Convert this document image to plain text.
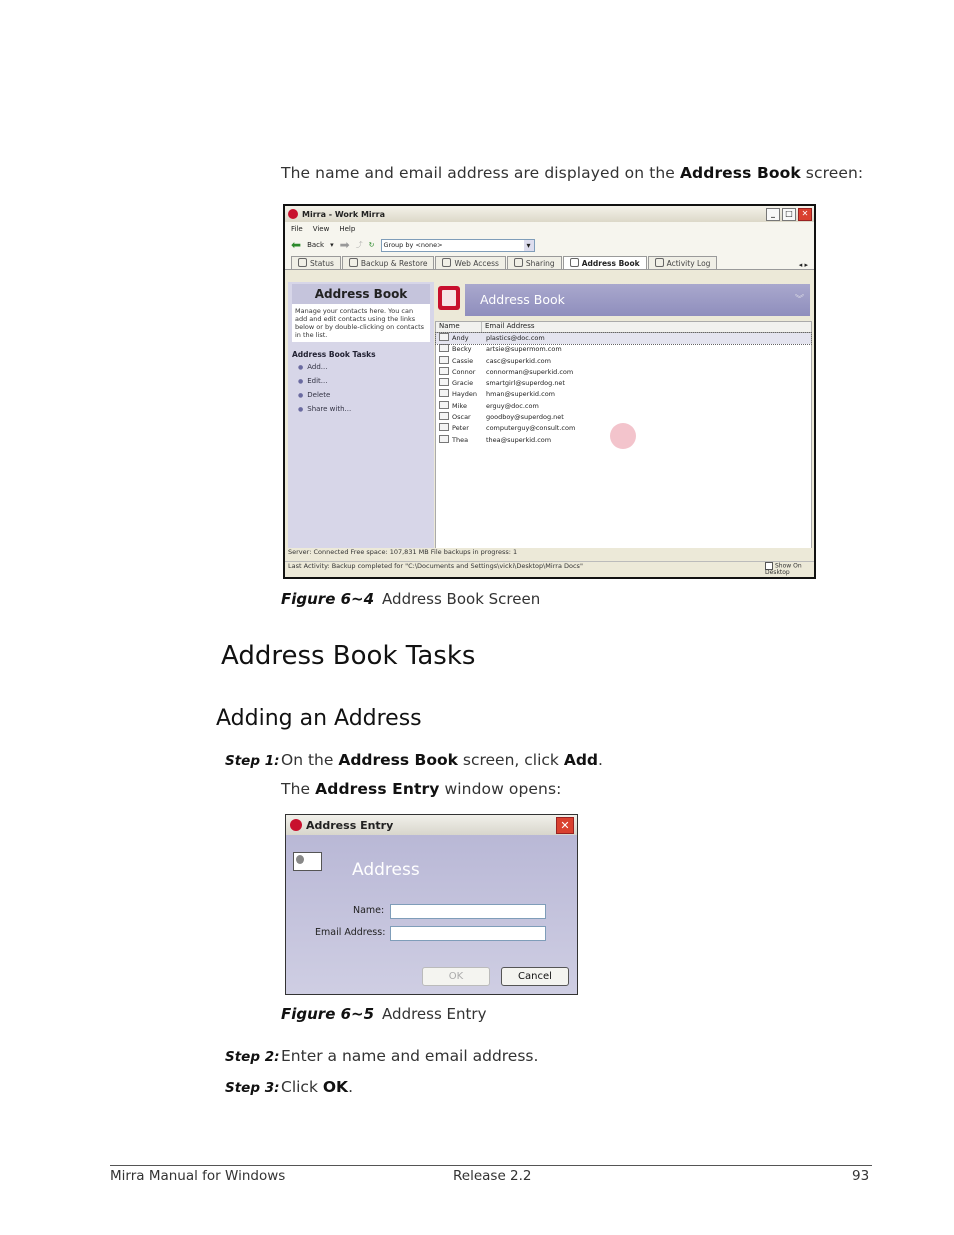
The name and email address are displayed on the Address Book screen:
Mirra - Work Mirra	_	□	✕
File View Help
⬅ Back ▾ ➡ ⤴ ↻	Group by <none> ▾
Status	Backup & Restore	Web Access	Sharing	Address Book	Activity Log	◂ ▸
Address Book
Manage your contacts here. You can add and edit contacts using the links below or by double-clicking on contacts in the list.
Address Book Tasks
● Add...
● Edit...
● Delete
● Share with...
Address Book	︾
Name	Email Address
Andy	plastics@doc.com
Becky	artsie@supermom.com
Cassie	casc@superkid.com
Connor	connorman@superkid.com
Gracie	smartgirl@superdog.net
Hayden	hman@superkid.com
Mike	erguy@doc.com
Oscar	goodboy@superdog.net
Peter	computerguy@consult.com
Thea	thea@superkid.com
Server: Connected Free space: 107,831 MB File backups in progress: 1
Last Activity: Backup completed for "C:\Documents and Settings\vicki\Desktop\Mirra Docs"	Show On Desktop
Figure 6~4 Address Book Screen
Address Book Tasks
Adding an Address
Step 1:On the Address Book screen, click Add.
The Address Entry window opens:
Address Entry	✕
Address
Name:
Email Address:
OK	Cancel
Figure 6~5 Address Entry
Step 2:Enter a name and email address.
Step 3:Click OK.
Mirra Manual for Windows	Release 2.2	93
